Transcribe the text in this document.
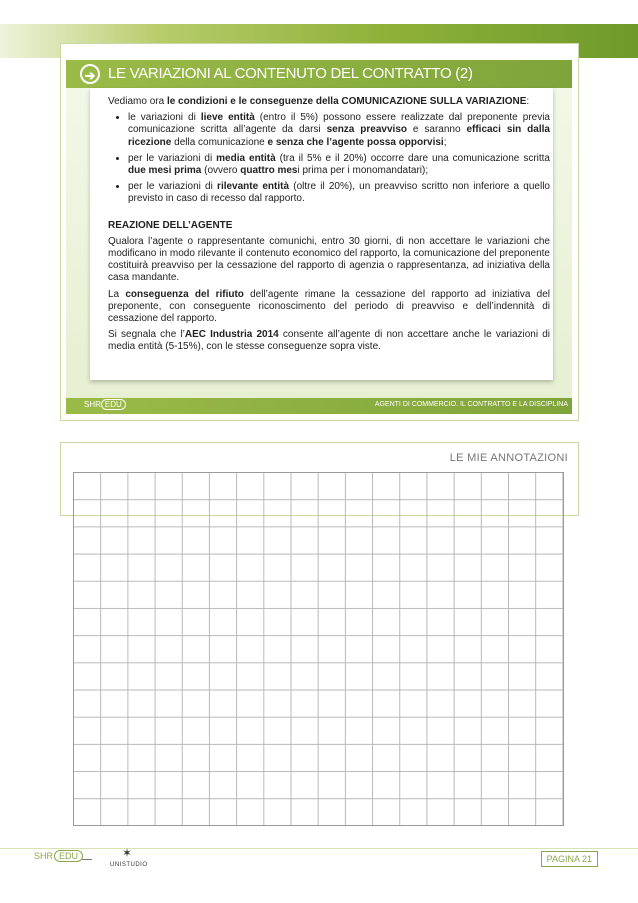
➔ LE VARIAZIONI AL CONTENUTO DEL CONTRATTO (2)

Vediamo ora le condizioni e le conseguenze della COMUNICAZIONE SULLA VARIAZIONE:

• le variazioni di lieve entità (entro il 5%) possono essere realizzate dal preponente previa comunicazione scritta all’agente da darsi senza preavviso e saranno efficaci sin dalla ricezione della comunicazione e senza che l’agente possa opporvisi;
• per le variazioni di media entità (tra il 5% e il 20%) occorre dare una comunicazione scritta due mesi prima (ovvero quattro mesi prima per i monomandatari);
• per le variazioni di rilevante entità (oltre il 20%), un preavviso scritto non inferiore a quello previsto in caso di recesso dal rapporto.
REAZIONE DELL’AGENTE

Qualora l’agente o rappresentante comunichi, entro 30 giorni, di non accettare le variazioni che modificano in modo rilevante il contenuto economico del rapporto, la comunicazione del preponente costituirà preavviso per la cessazione del rapporto di agenzia o rappresentanza, ad iniziativa della casa mandante.

La conseguenza del rifiuto dell’agente rimane la cessazione del rapporto ad iniziativa del preponente, con conseguente riconoscimento del periodo di preavviso e dell’indennità di cessazione del rapporto.

Si segnala che l’AEC Industria 2014 consente all’agente di non accettare anche le variazioni di media entità (5-15%), con le stesse conseguenze sopra viste.

SHR EDU	AGENTI DI COMMERCIO. IL CONTRATTO E LA DISCIPLINA
LE MIE ANNOTAZIONI
SHR EDU	✶
UNISTUDIO
PAGINA 21
